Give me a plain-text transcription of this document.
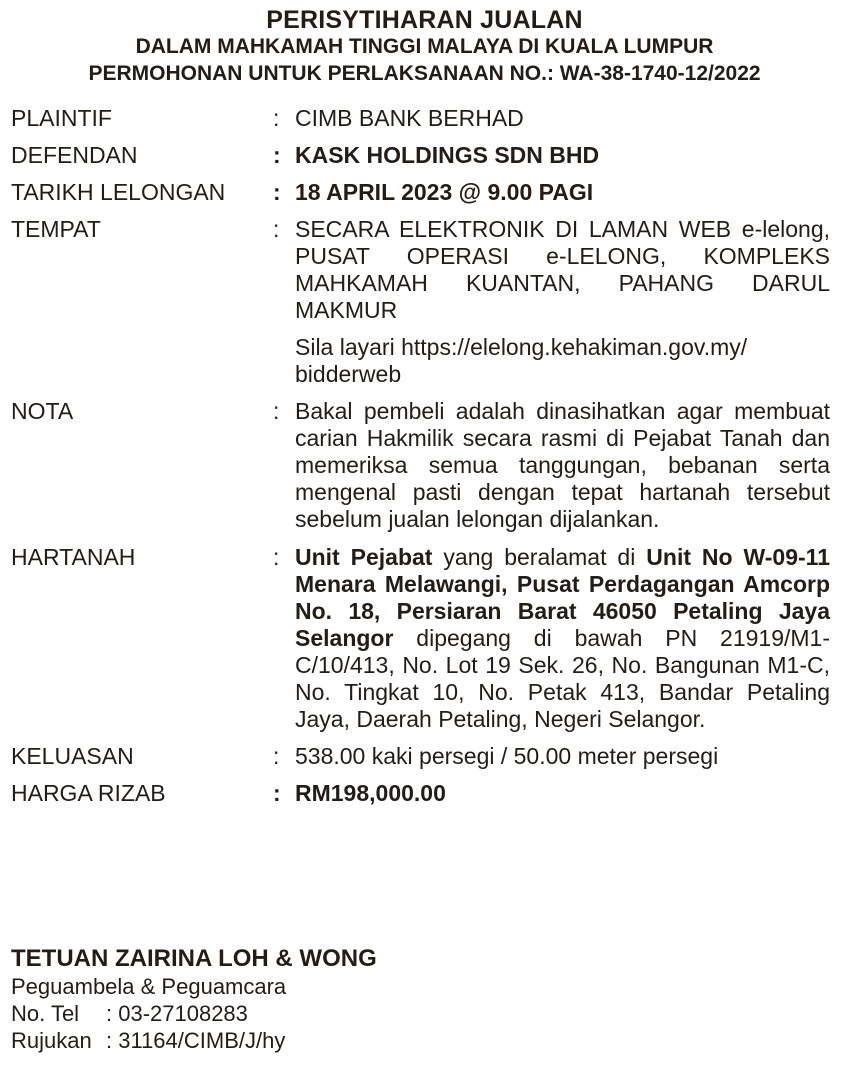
PERISYTIHARAN JUALAN
DALAM MAHKAMAH TINGGI MALAYA DI KUALA LUMPUR
PERMOHONAN UNTUK PERLAKSANAAN NO.: WA-38-1740-12/2022
PLAINTIF	: CIMB BANK BERHAD
DEFENDAN	: KASK HOLDINGS SDN BHD
TARIKH LELONGAN	: 18 APRIL 2023 @ 9.00 PAGI
TEMPAT	: SECARA ELEKTRONIK DI LAMAN WEB e-lelong, PUSAT OPERASI e-LELONG, KOMPLEKS MAHKAMAH KUANTAN, PAHANG DARUL MAKMUR
Sila layari https://elelong.kehakiman.gov.my/ bidderweb
NOTA	: Bakal pembeli adalah dinasihatkan agar membuat carian Hakmilik secara rasmi di Pejabat Tanah dan memeriksa semua tanggungan, bebanan serta mengenal pasti dengan tepat hartanah tersebut sebelum jualan lelongan dijalankan.
HARTANAH	: Unit Pejabat yang beralamat di Unit No W-09-11 Menara Melawangi, Pusat Perdagangan Amcorp No. 18, Persiaran Barat 46050 Petaling Jaya Selangor dipegang di bawah PN 21919/M1-C/10/413, No. Lot 19 Sek. 26, No. Bangunan M1-C, No. Tingkat 10, No. Petak 413, Bandar Petaling Jaya, Daerah Petaling, Negeri Selangor.
KELUASAN	: 538.00 kaki persegi / 50.00 meter persegi
HARGA RIZAB	: RM198,000.00
TETUAN ZAIRINA LOH & WONG
Peguambela & Peguamcara
No. Tel : 03-27108283
Rujukan : 31164/CIMB/J/hy
